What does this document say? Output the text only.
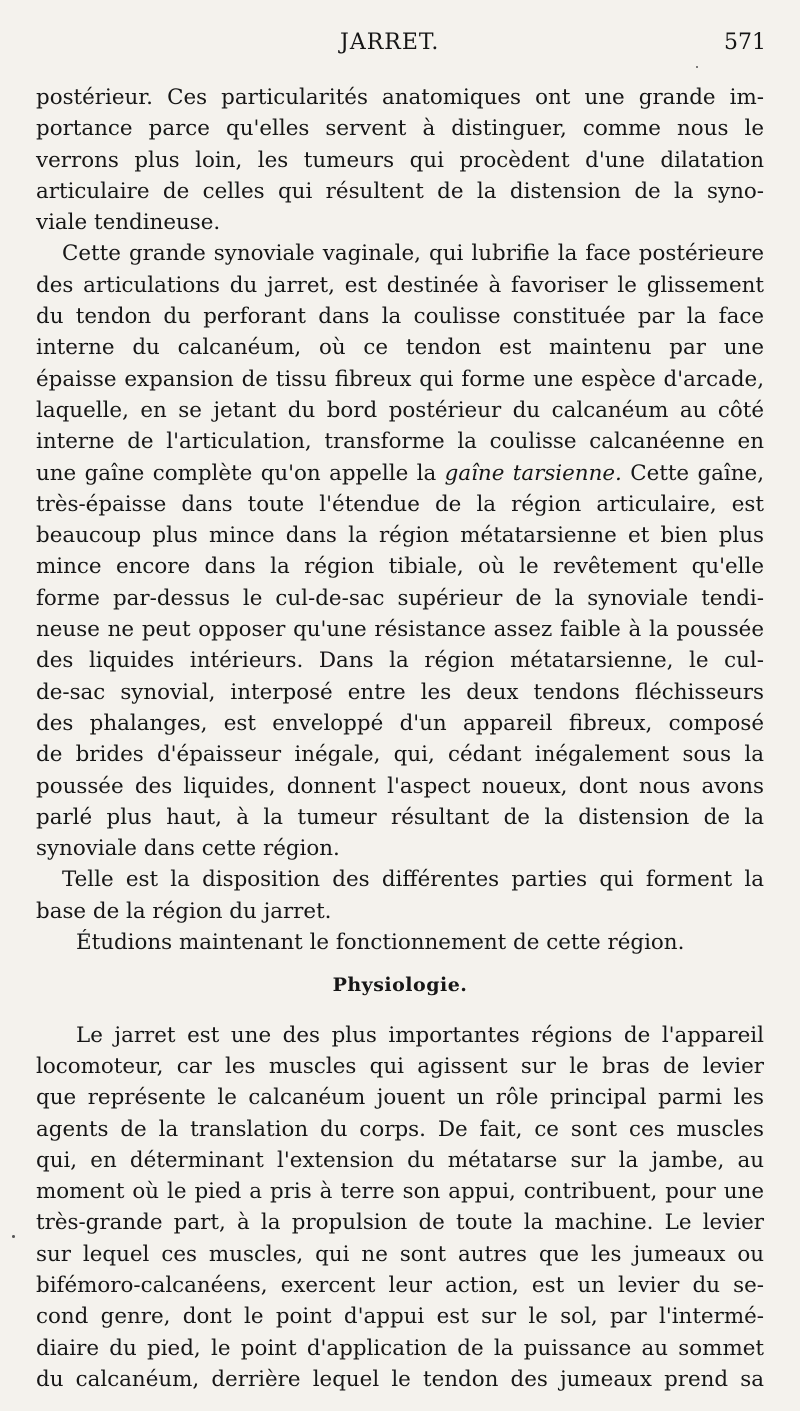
JARRET.	571
postérieur. Ces particularités anatomiques ont une grande im-
portance parce qu'elles servent à distinguer, comme nous le
verrons plus loin, les tumeurs qui procèdent d'une dilatation
articulaire de celles qui résultent de la distension de la syno-
viale tendineuse.
Cette grande synoviale vaginale, qui lubrifie la face postérieure
des articulations du jarret, est destinée à favoriser le glissement
du tendon du perforant dans la coulisse constituée par la face
interne du calcanéum, où ce tendon est maintenu par une
épaisse expansion de tissu fibreux qui forme une espèce d'arcade,
laquelle, en se jetant du bord postérieur du calcanéum au côté
interne de l'articulation, transforme la coulisse calcanéenne en
une gaîne complète qu'on appelle la gaîne tarsienne. Cette gaîne,
très-épaisse dans toute l'étendue de la région articulaire, est
beaucoup plus mince dans la région métatarsienne et bien plus
mince encore dans la région tibiale, où le revêtement qu'elle
forme par-dessus le cul-de-sac supérieur de la synoviale tendi-
neuse ne peut opposer qu'une résistance assez faible à la poussée
des liquides intérieurs. Dans la région métatarsienne, le cul-
de-sac synovial, interposé entre les deux tendons fléchisseurs
des phalanges, est enveloppé d'un appareil fibreux, composé
de brides d'épaisseur inégale, qui, cédant inégalement sous la
poussée des liquides, donnent l'aspect noueux, dont nous avons
parlé plus haut, à la tumeur résultant de la distension de la
synoviale dans cette région.
Telle est la disposition des différentes parties qui forment la
base de la région du jarret.
Étudions maintenant le fonctionnement de cette région.
Physiologie.
Le jarret est une des plus importantes régions de l'appareil
locomoteur, car les muscles qui agissent sur le bras de levier
que représente le calcanéum jouent un rôle principal parmi les
agents de la translation du corps. De fait, ce sont ces muscles
qui, en déterminant l'extension du métatarse sur la jambe, au
moment où le pied a pris à terre son appui, contribuent, pour une
très-grande part, à la propulsion de toute la machine. Le levier
sur lequel ces muscles, qui ne sont autres que les jumeaux ou
bifémoro-calcanéens, exercent leur action, est un levier du se-
cond genre, dont le point d'appui est sur le sol, par l'intermé-
diaire du pied, le point d'application de la puissance au sommet
du calcanéum, derrière lequel le tendon des jumeaux prend sa
